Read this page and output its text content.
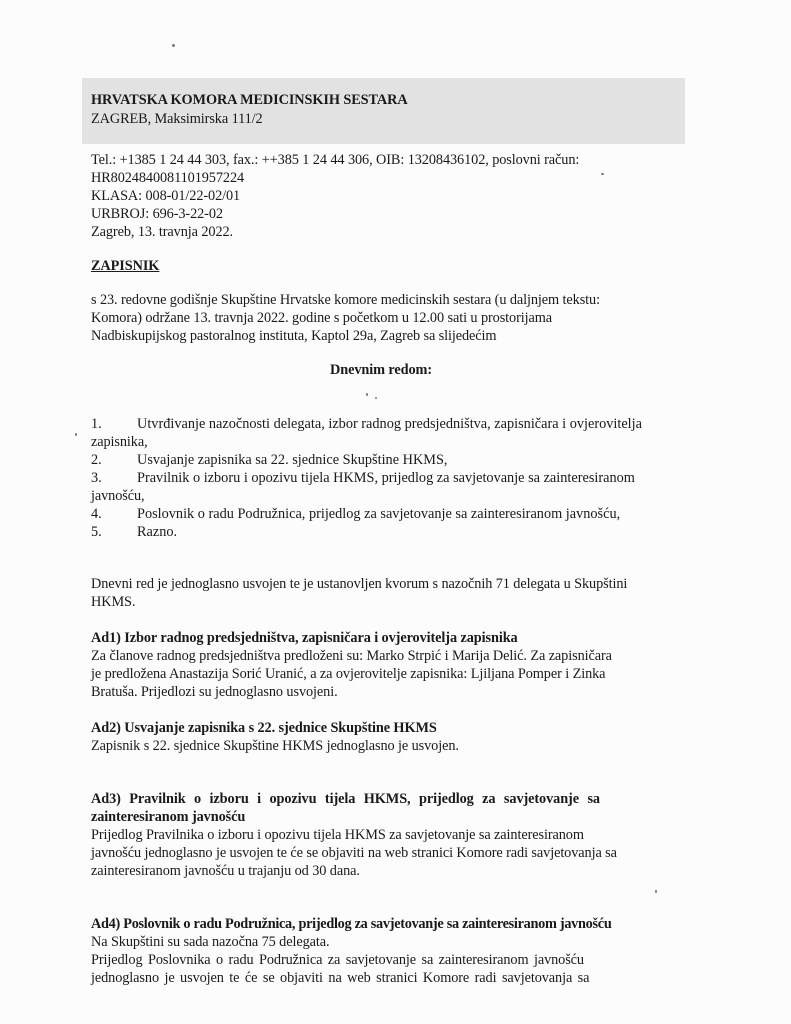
HRVATSKA KOMORA MEDICINSKIH SESTARA

ZAGREB, Maksimirska 111/2

Tel.: +1385 1 24 44 303, fax.: ++385 1 24 44 306, OIB: 13208436102, poslovni račun:

HR8024840081101957224

KLASA: 008-01/22-02/01

URBROJ: 696-3-22-02

Zagreb, 13. travnja 2022.

ZAPISNIK

s 23. redovne godišnje Skupštine Hrvatske komore medicinskih sestara (u daljnjem tekstu:

Komora) održane 13. travnja 2022. godine s početkom u 12.00 sati u prostorijama

Nadbiskupijskog pastoralnog instituta, Kaptol 29a, Zagreb sa slijedećim

Dnevnim redom:

1. Utvrđivanje nazočnosti delegata, izbor radnog predsjedništva, zapisničara i ovjerovitelja

zapisnika,

2. Usvajanje zapisnika sa 22. sjednice Skupštine HKMS,

3. Pravilnik o izboru i opozivu tijela HKMS, prijedlog za savjetovanje sa zainteresiranom

javnošću,

4. Poslovnik o radu Podružnica, prijedlog za savjetovanje sa zainteresiranom javnošću,

5. Razno.

Dnevni red je jednoglasno usvojen te je ustanovljen kvorum s nazočnih 71 delegata u Skupštini

HKMS.

Ad1) Izbor radnog predsjedništva, zapisničara i ovjerovitelja zapisnika

Za članove radnog predsjedništva predloženi su: Marko Strpić i Marija Delić. Za zapisničara

je predložena Anastazija Sorić Uranić, a za ovjerovitelje zapisnika: Ljiljana Pomper i Zinka

Bratuša. Prijedlozi su jednoglasno usvojeni.

Ad2) Usvajanje zapisnika s 22. sjednice Skupštine HKMS

Zapisnik s 22. sjednice Skupštine HKMS jednoglasno je usvojen.

Ad3) Pravilnik o izboru i opozivu tijela HKMS, prijedlog za savjetovanje sa

zainteresiranom javnošću

Prijedlog Pravilnika o izboru i opozivu tijela HKMS za savjetovanje sa zainteresiranom

javnošću jednoglasno je usvojen te će se objaviti na web stranici Komore radi savjetovanja sa

zainteresiranom javnošću u trajanju od 30 dana.

Ad4) Poslovnik o radu Podružnica, prijedlog za savjetovanje sa zainteresiranom javnošću

Na Skupštini su sada nazočna 75 delegata.

Prijedlog Poslovnika o radu Podružnica za savjetovanje sa zainteresiranom javnošću

jednoglasno je usvojen te će se objaviti na web stranici Komore radi savjetovanja sa
